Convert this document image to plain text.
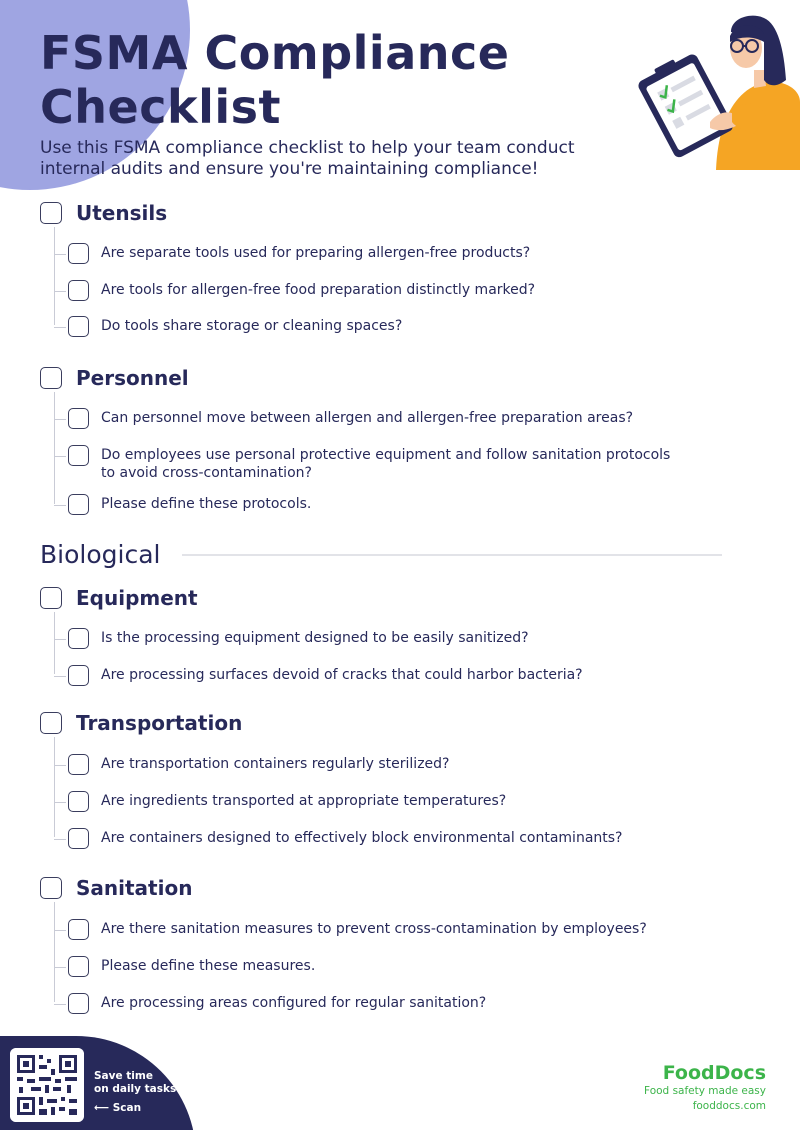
FSMA Compliance
Checklist

Use this FSMA compliance checklist to help your team conduct
internal audits and ensure you're maintaining compliance!

Utensils
Are separate tools used for preparing allergen-free products?
Are tools for allergen-free food preparation distinctly marked?
Do tools share storage or cleaning spaces?
Personnel
Can personnel move between allergen and allergen-free preparation areas?
Do employees use personal protective equipment and follow sanitation protocols to avoid cross-contamination?
Please define these protocols.
Biological
Equipment
Is the processing equipment designed to be easily sanitized?
Are processing surfaces devoid of cracks that could harbor bacteria?
Transportation
Are transportation containers regularly sterilized?
Are ingredients transported at appropriate temperatures?
Are containers designed to effectively block environmental contaminants?
Sanitation
Are there sanitation measures to prevent cross-contamination by employees?
Please define these measures.
Are processing areas configured for regular sanitation?
Save time
on daily tasks
⟵ Scan
FoodDocs
Food safety made easy
fooddocs.com
